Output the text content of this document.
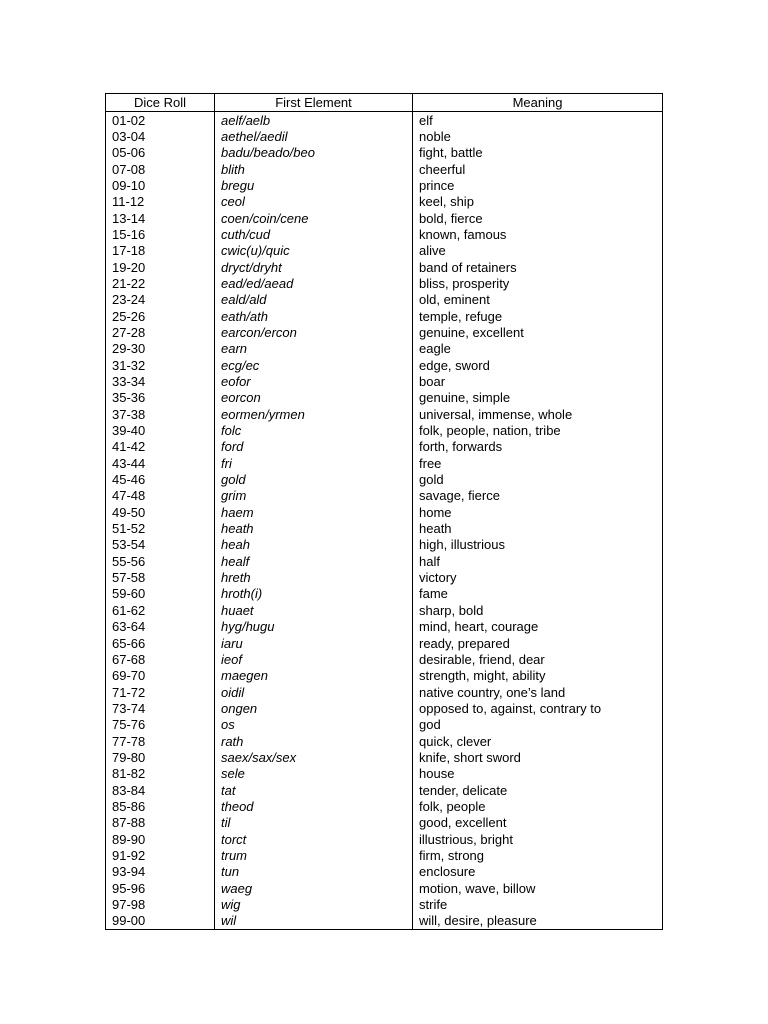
Dice Roll	First Element	Meaning
01-02	aelf/aelb	elf
03-04	aethel/aedil	noble
05-06	badu/beado/beo	fight, battle
07-08	blith	cheerful
09-10	bregu	prince
11-12	ceol	keel, ship
13-14	coen/coin/cene	bold, fierce
15-16	cuth/cud	known, famous
17-18	cwic(u)/quic	alive
19-20	dryct/dryht	band of retainers
21-22	ead/ed/aead	bliss, prosperity
23-24	eald/ald	old, eminent
25-26	eath/ath	temple, refuge
27-28	earcon/ercon	genuine, excellent
29-30	earn	eagle
31-32	ecg/ec	edge, sword
33-34	eofor	boar
35-36	eorcon	genuine, simple
37-38	eormen/yrmen	universal, immense, whole
39-40	folc	folk, people, nation, tribe
41-42	ford	forth, forwards
43-44	fri	free
45-46	gold	gold
47-48	grim	savage, fierce
49-50	haem	home
51-52	heath	heath
53-54	heah	high, illustrious
55-56	healf	half
57-58	hreth	victory
59-60	hroth(i)	fame
61-62	huaet	sharp, bold
63-64	hyg/hugu	mind, heart, courage
65-66	iaru	ready, prepared
67-68	ieof	desirable, friend, dear
69-70	maegen	strength, might, ability
71-72	oidil	native country, one’s land
73-74	ongen	opposed to, against, contrary to
75-76	os	god
77-78	rath	quick, clever
79-80	saex/sax/sex	knife, short sword
81-82	sele	house
83-84	tat	tender, delicate
85-86	theod	folk, people
87-88	til	good, excellent
89-90	torct	illustrious, bright
91-92	trum	firm, strong
93-94	tun	enclosure
95-96	waeg	motion, wave, billow
97-98	wig	strife
99-00	wil	will, desire, pleasure
